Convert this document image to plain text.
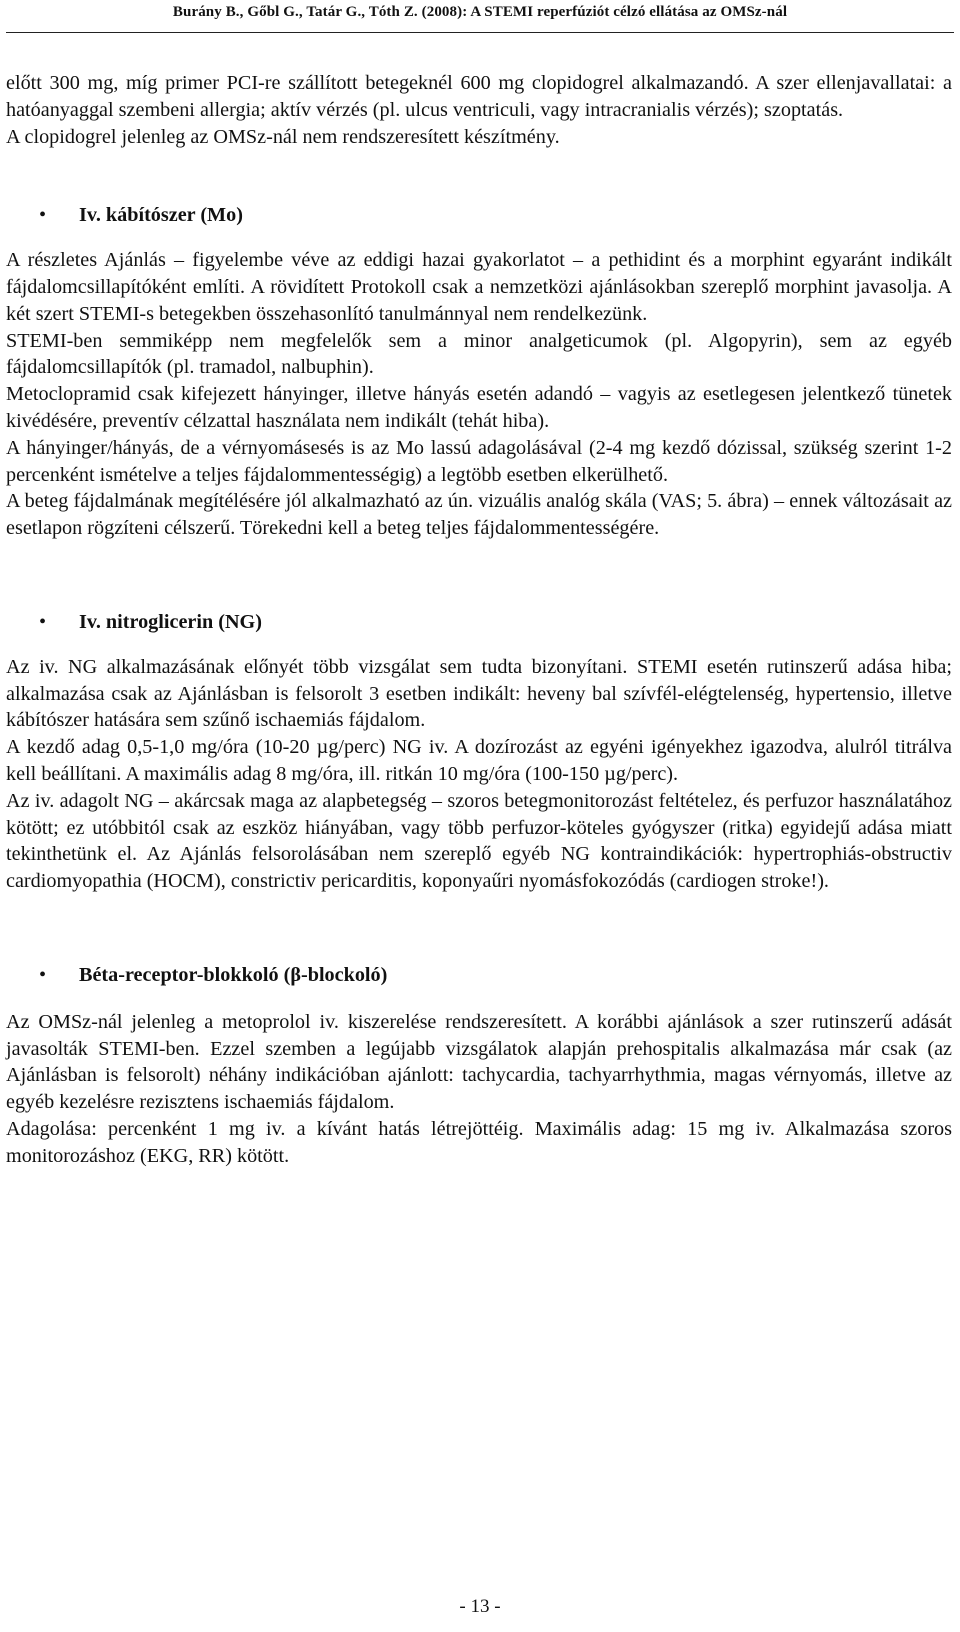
Burány B., Gőbl G., Tatár G., Tóth Z. (2008): A STEMI reperfúziót célzó ellátása az OMSz-nál

előtt 300 mg, míg primer PCI-re szállított betegeknél 600 mg clopidogrel alkalmazandó. A szer ellenjavallatai: a hatóanyaggal szembeni allergia; aktív vérzés (pl. ulcus ventriculi, vagy intracranialis vérzés); szoptatás.

A clopidogrel jelenleg az OMSz-nál nem rendszeresített készítmény.

• Iv. kábítószer (Mo)

A részletes Ajánlás – figyelembe véve az eddigi hazai gyakorlatot – a pethidint és a morphint egyaránt indikált fájdalomcsillapítóként említi. A rövidített Protokoll csak a nemzetközi ajánlásokban szereplő morphint javasolja. A két szert STEMI-s betegekben összehasonlító tanulmánnyal nem rendelkezünk.

STEMI-ben semmiképp nem megfelelők sem a minor analgeticumok (pl. Algopyrin), sem az egyéb fájdalomcsillapítók (pl. tramadol, nalbuphin).

Metoclopramid csak kifejezett hányinger, illetve hányás esetén adandó – vagyis az esetlegesen jelentkező tünetek kivédésére, preventív célzattal használata nem indikált (tehát hiba).

A hányinger/hányás, de a vérnyomásesés is az Mo lassú adagolásával (2-4 mg kezdő dózissal, szükség szerint 1-2 percenként ismételve a teljes fájdalommentességig) a legtöbb esetben elkerülhető.

A beteg fájdalmának megítélésére jól alkalmazható az ún. vizuális analóg skála (VAS; 5. ábra) – ennek változásait az esetlapon rögzíteni célszerű. Törekedni kell a beteg teljes fájdalommentességére.

• Iv. nitroglicerin (NG)

Az iv. NG alkalmazásának előnyét több vizsgálat sem tudta bizonyítani. STEMI esetén rutinszerű adása hiba; alkalmazása csak az Ajánlásban is felsorolt 3 esetben indikált: heveny bal szívfél-elégtelenség, hypertensio, illetve kábítószer hatására sem szűnő ischaemiás fájdalom.

A kezdő adag 0,5-1,0 mg/óra (10-20 µg/perc) NG iv. A dozírozást az egyéni igényekhez igazodva, alulról titrálva kell beállítani. A maximális adag 8 mg/óra, ill. ritkán 10 mg/óra (100-150 µg/perc).

Az iv. adagolt NG – akárcsak maga az alapbetegség – szoros betegmonitorozást feltételez, és perfuzor használatához kötött; ez utóbbitól csak az eszköz hiányában, vagy több perfuzor-köteles gyógyszer (ritka) egyidejű adása miatt tekinthetünk el. Az Ajánlás felsorolásában nem szereplő egyéb NG kontraindikációk: hypertrophiás-obstructiv cardiomyopathia (HOCM), constrictiv pericarditis, koponyaűri nyomásfokozódás (cardiogen stroke!).

• Béta-receptor-blokkoló (β-blockoló)

Az OMSz-nál jelenleg a metoprolol iv. kiszerelése rendszeresített. A korábbi ajánlások a szer rutinszerű adását javasolták STEMI-ben. Ezzel szemben a legújabb vizsgálatok alapján prehospitalis alkalmazása már csak (az Ajánlásban is felsorolt) néhány indikációban ajánlott: tachycardia, tachyarrhythmia, magas vérnyomás, illetve az egyéb kezelésre rezisztens ischaemiás fájdalom.

Adagolása: percenként 1 mg iv. a kívánt hatás létrejöttéig. Maximális adag: 15 mg iv. Alkalmazása szoros monitorozáshoz (EKG, RR) kötött.

- 13 -
